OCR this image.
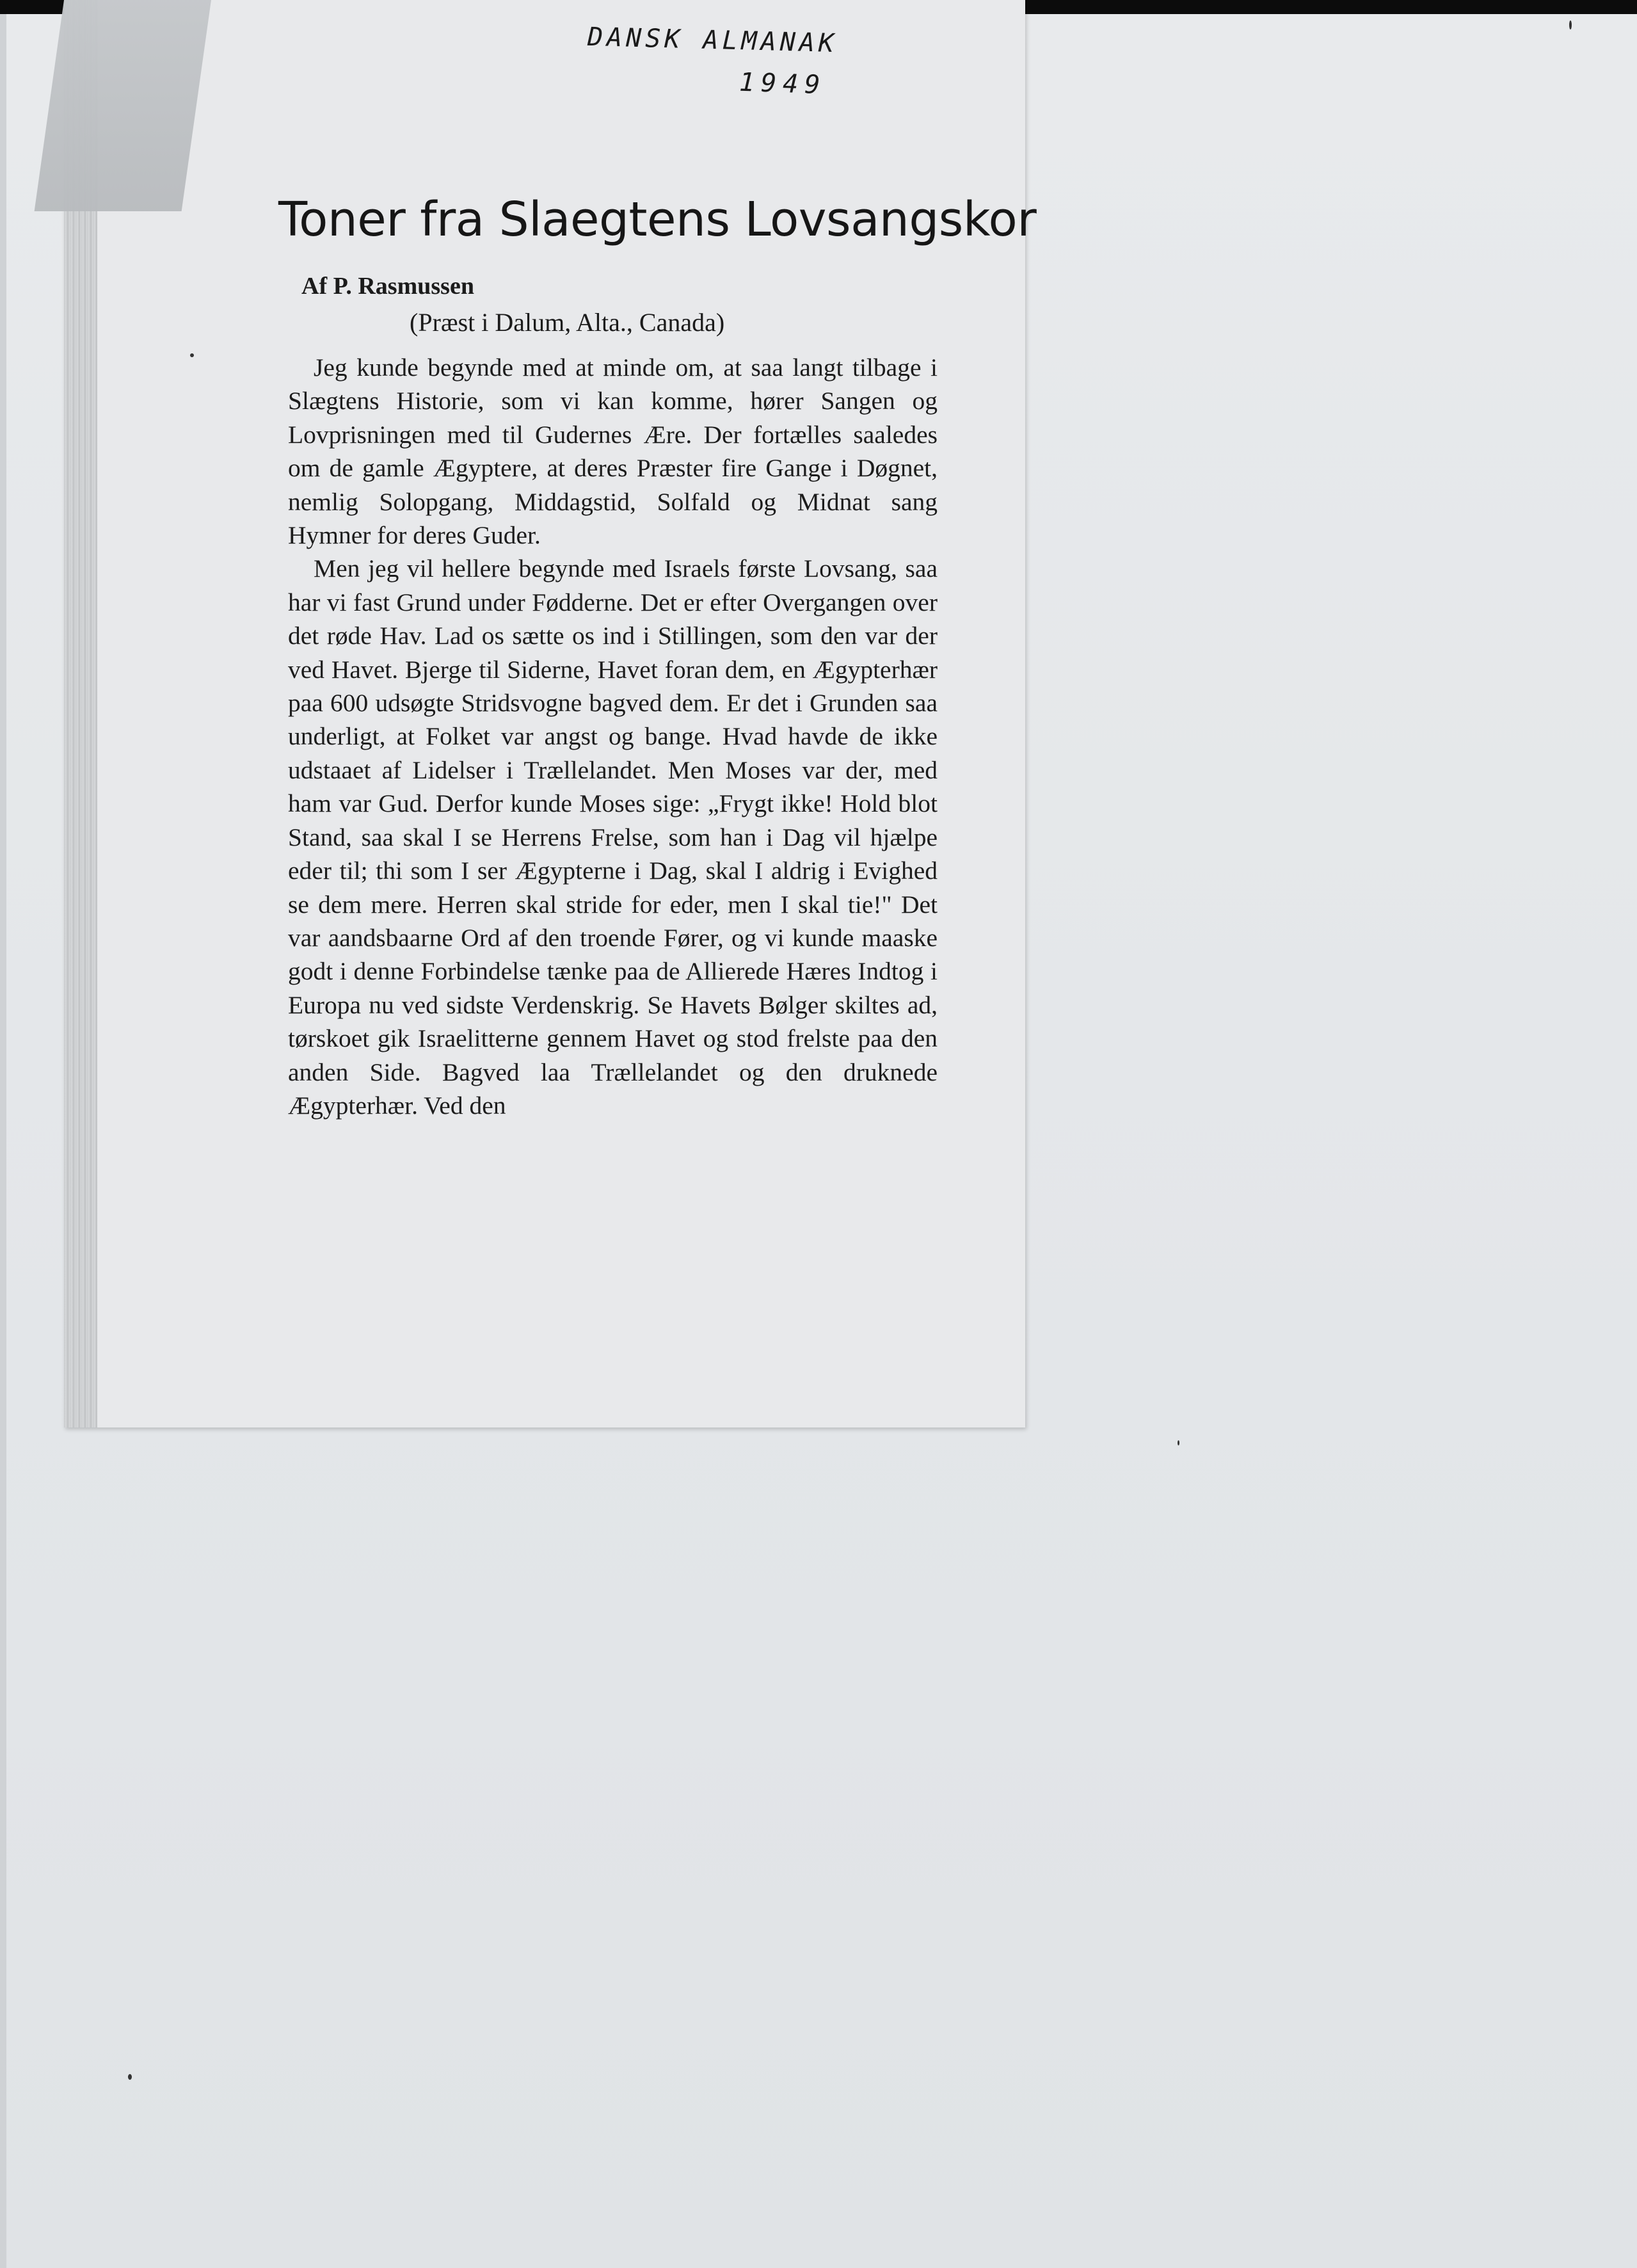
DANSK ALMANAK
1949
Toner fra Slaegtens Lovsangskor

Af P. Rasmussen

(Præst i Dalum, Alta., Canada)

Jeg kunde begynde med at minde om, at saa langt tilbage i Slægtens Historie, som vi kan komme, hører Sangen og Lovprisningen med til Gudernes Ære. Der fortælles saaledes om de gamle Ægyptere, at deres Præster fire Gange i Døgnet, nemlig Solopgang, Middagstid, Solfald og Midnat sang Hymner for deres Guder.

Men jeg vil hellere begynde med Israels første Lovsang, saa har vi fast Grund under Fødderne. Det er efter Overgangen over det røde Hav. Lad os sætte os ind i Stillingen, som den var der ved Havet. Bjerge til Siderne, Havet foran dem, en Ægypterhær paa 600 udsøgte Stridsvogne bagved dem. Er det i Grunden saa underligt, at Folket var angst og bange. Hvad havde de ikke udstaaet af Lidelser i Trællelandet. Men Moses var der, med ham var Gud. Derfor kunde Moses sige: „Frygt ikke! Hold blot Stand, saa skal I se Herrens Frelse, som han i Dag vil hjælpe eder til; thi som I ser Ægypterne i Dag, skal I aldrig i Evighed se dem mere. Herren skal stride for eder, men I skal tie!" Det var aandsbaarne Ord af den troende Fører, og vi kunde maaske godt i denne Forbindelse tænke paa de Allierede Hæres Indtog i Europa nu ved sidste Verdenskrig. Se Havets Bølger skiltes ad, tørskoet gik Israelitterne gennem Havet og stod frelste paa den anden Side. Bagved laa Trællelandet og den druknede Ægypterhær. Ved den
